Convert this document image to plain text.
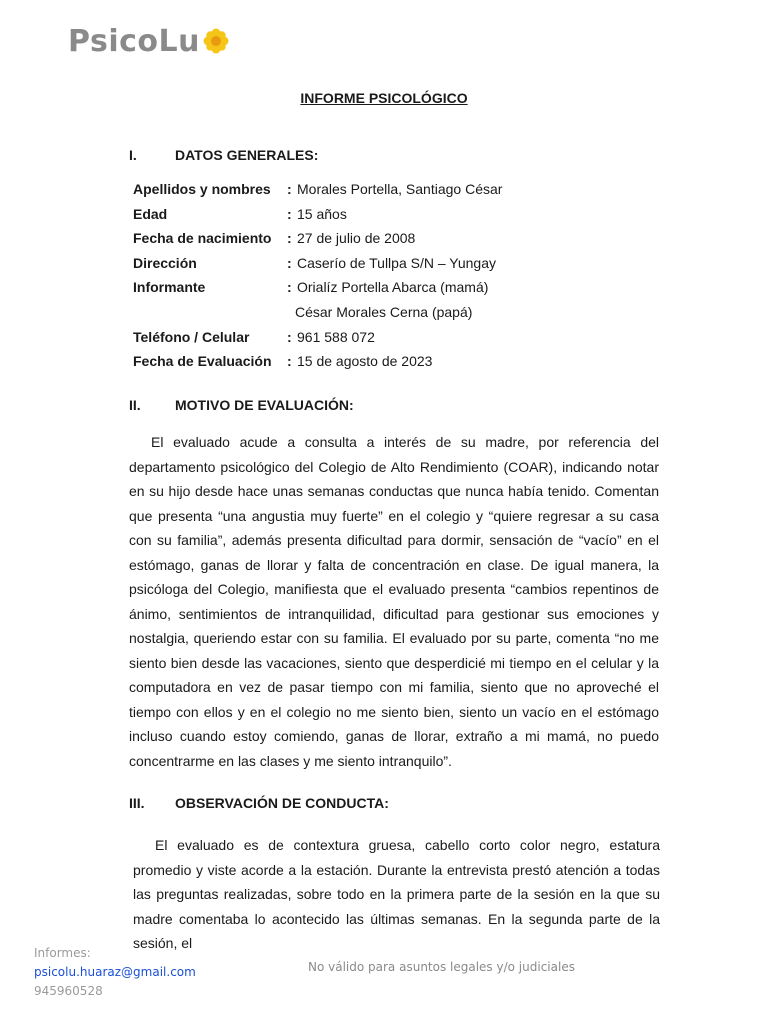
PsicoLu
INFORME PSICOLÓGICO
I.	DATOS GENERALES:
Apellidos y nombres	: Morales Portella, Santiago César
Edad	: 15 años
Fecha de nacimiento	: 27 de julio de 2008
Dirección	: Caserío de Tullpa S/N – Yungay
Informante	: Orialíz Portella Abarca (mamá)
César Morales Cerna (papá)
Teléfono / Celular	: 961 588 072
Fecha de Evaluación	: 15 de agosto de 2023
II. MOTIVO DE EVALUACIÓN:

El evaluado acude a consulta a interés de su madre, por referencia del departamento psicológico del Colegio de Alto Rendimiento (COAR), indicando notar en su hijo desde hace unas semanas conductas que nunca había tenido. Comentan que presenta “una angustia muy fuerte” en el colegio y “quiere regresar a su casa con su familia”, además presenta dificultad para dormir, sensación de “vacío” en el estómago, ganas de llorar y falta de concentración en clase. De igual manera, la psicóloga del Colegio, manifiesta que el evaluado presenta “cambios repentinos de ánimo, sentimientos de intranquilidad, dificultad para gestionar sus emociones y nostalgia, queriendo estar con su familia. El evaluado por su parte, comenta “no me siento bien desde las vacaciones, siento que desperdicié mi tiempo en el celular y la computadora en vez de pasar tiempo con mi familia, siento que no aproveché el tiempo con ellos y en el colegio no me siento bien, siento un vacío en el estómago incluso cuando estoy comiendo, ganas de llorar, extraño a mi mamá, no puedo concentrarme en las clases y me siento intranquilo”.

III. OBSERVACIÓN DE CONDUCTA:

El evaluado es de contextura gruesa, cabello corto color negro, estatura promedio y viste acorde a la estación. Durante la entrevista prestó atención a todas las preguntas realizadas, sobre todo en la primera parte de la sesión en la que su madre comentaba lo acontecido las últimas semanas. En la segunda parte de la sesión, el

Informes:
psicolu.huaraz@gmail.com
945960528
No válido para asuntos legales y/o judiciales
